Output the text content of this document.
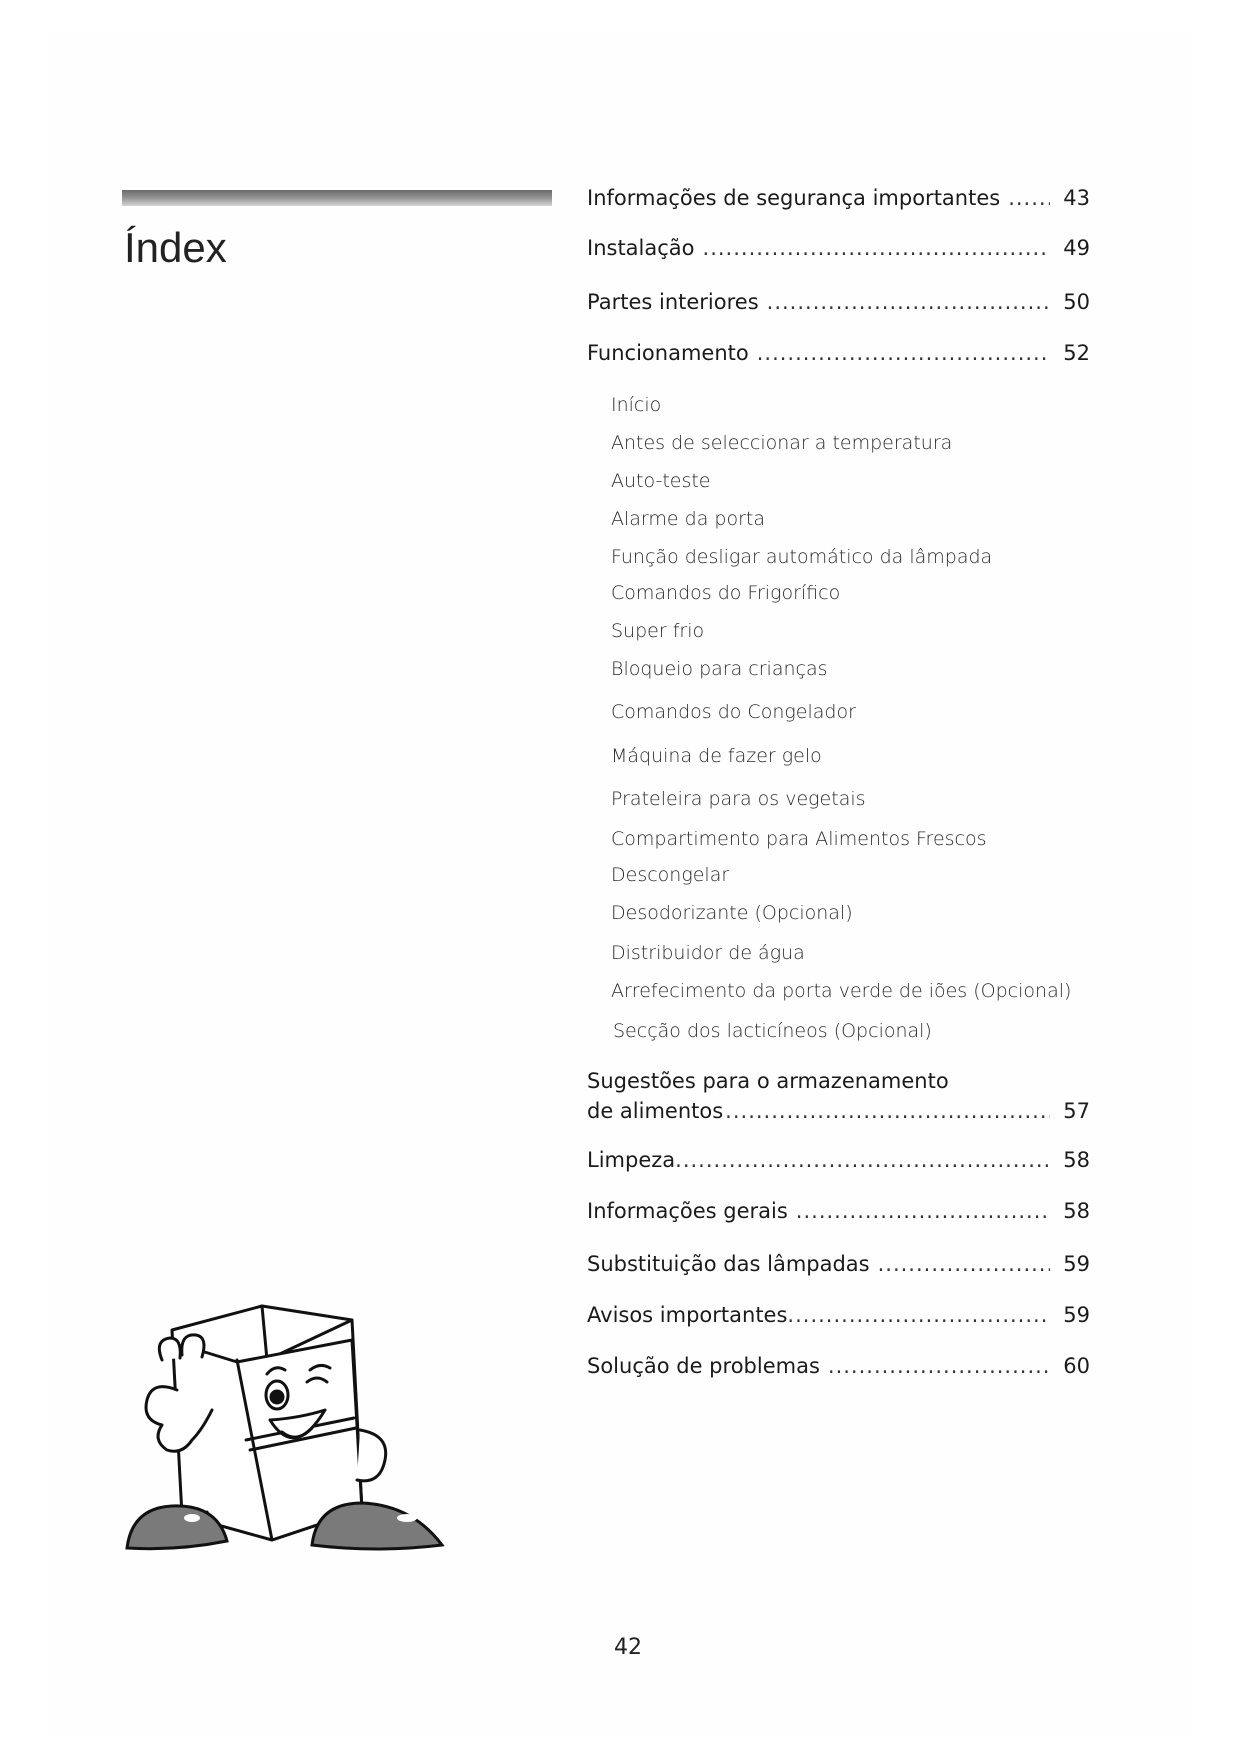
Índex
Informações de segurança importantes .....	43
Instalação .....	49
Partes interiores .....	50
Funcionamento .....	52
Início
Antes de seleccionar a temperatura
Auto-teste
Alarme da porta
Função desligar automático da lâmpada
Comandos do Frigorífico
Super frio
Bloqueio para crianças
Comandos do Congelador
Máquina de fazer gelo
Prateleira para os vegetais
Compartimento para Alimentos Frescos
Descongelar
Desodorizante (Opcional)
Distribuidor de água
Arrefecimento da porta verde de iões (Opcional)
Secção dos lacticíneos (Opcional)
Sugestões para o armazenamento
de alimentos .....	57
Limpeza .....	58
Informações gerais .....	58
Substituição das lâmpadas .....	59
Avisos importantes .....	59
Solução de problemas .....	60
42
